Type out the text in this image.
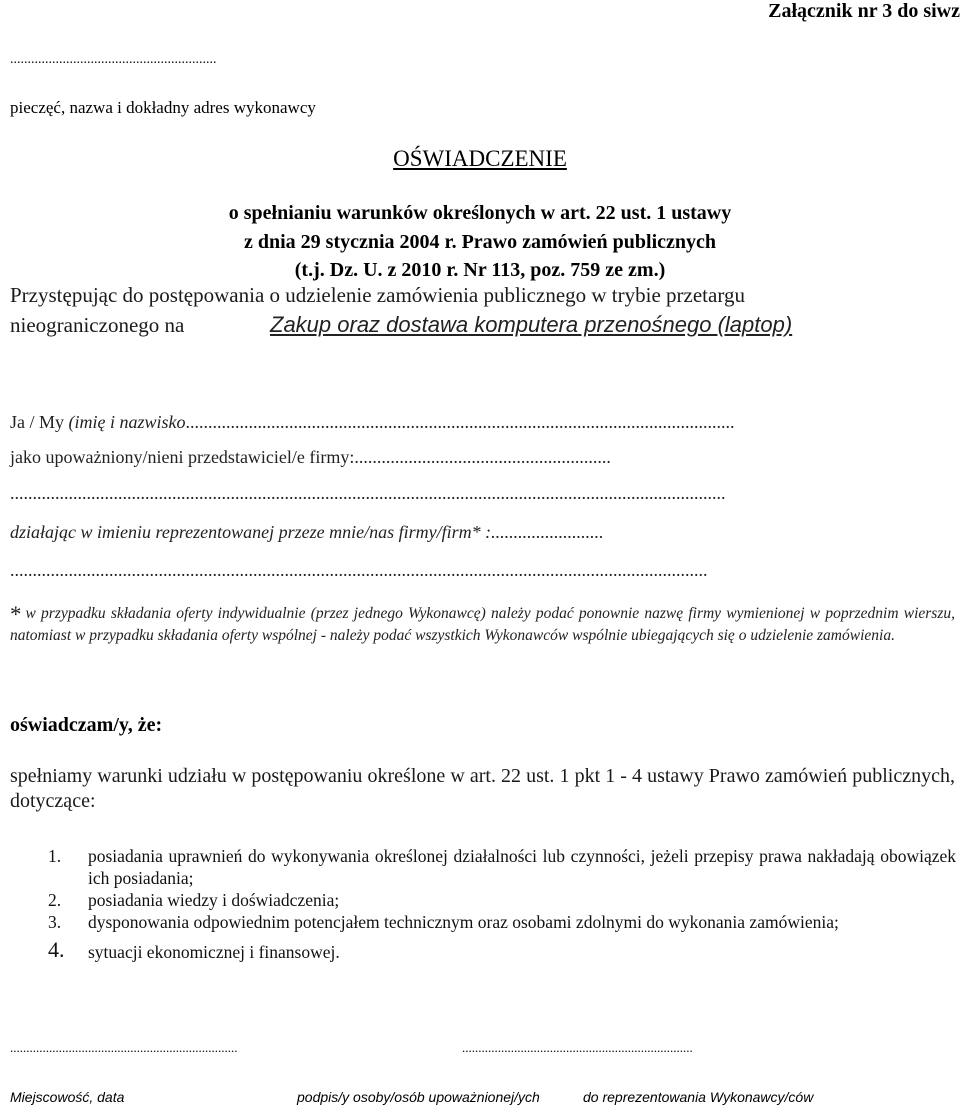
Załącznik nr 3 do siwz
...........................................................
pieczęć, nazwa i dokładny adres wykonawcy
OŚWIADCZENIE
o spełnianiu warunków określonych w art. 22 ust. 1 ustawy
z dnia 29 stycznia 2004 r. Prawo zamówień publicznych
(t.j. Dz. U. z 2010 r. Nr 113, poz. 759 ze zm.)
Przystępując do postępowania o udzielenie zamówienia publicznego w trybie przetargu
nieograniczonego na	Zakup oraz dostawa komputera przenośnego (laptop)
Ja / My (imię i nazwisko..........................................................................................................................
jako upoważniony/nieni przedstawiciel/e firmy:.........................................................
...............................................................................................................................................................
działając w imieniu reprezentowanej przeze mnie/nas firmy/firm* :.........................
...........................................................................................................................................................
* w przypadku składania oferty indywidualnie (przez jednego Wykonawcę) należy podać ponownie nazwę firmy wymienionej w poprzednim wierszu, natomiast w przypadku składania oferty wspólnej - należy podać wszystkich Wykonawców wspólnie ubiegających się o udzielenie zamówienia.
oświadczam/y, że:
spełniamy warunki udziału w postępowaniu określone w art. 22 ust. 1 pkt 1 - 4 ustawy Prawo zamówień publicznych, dotyczące:
1. posiadania uprawnień do wykonywania określonej działalności lub czynności, jeżeli przepisy prawa nakładają obowiązek ich posiadania;
2. posiadania wiedzy i doświadczenia;
3. dysponowania odpowiednim potencjałem technicznym oraz osobami zdolnymi do wykonania zamówienia;
4. sytuacji ekonomicznej i finansowej.
......................................................................	.......................................................................
Miejscowość, data	podpis/y osoby/osób upoważnionej/ych	do reprezentowania Wykonawcy/ców
